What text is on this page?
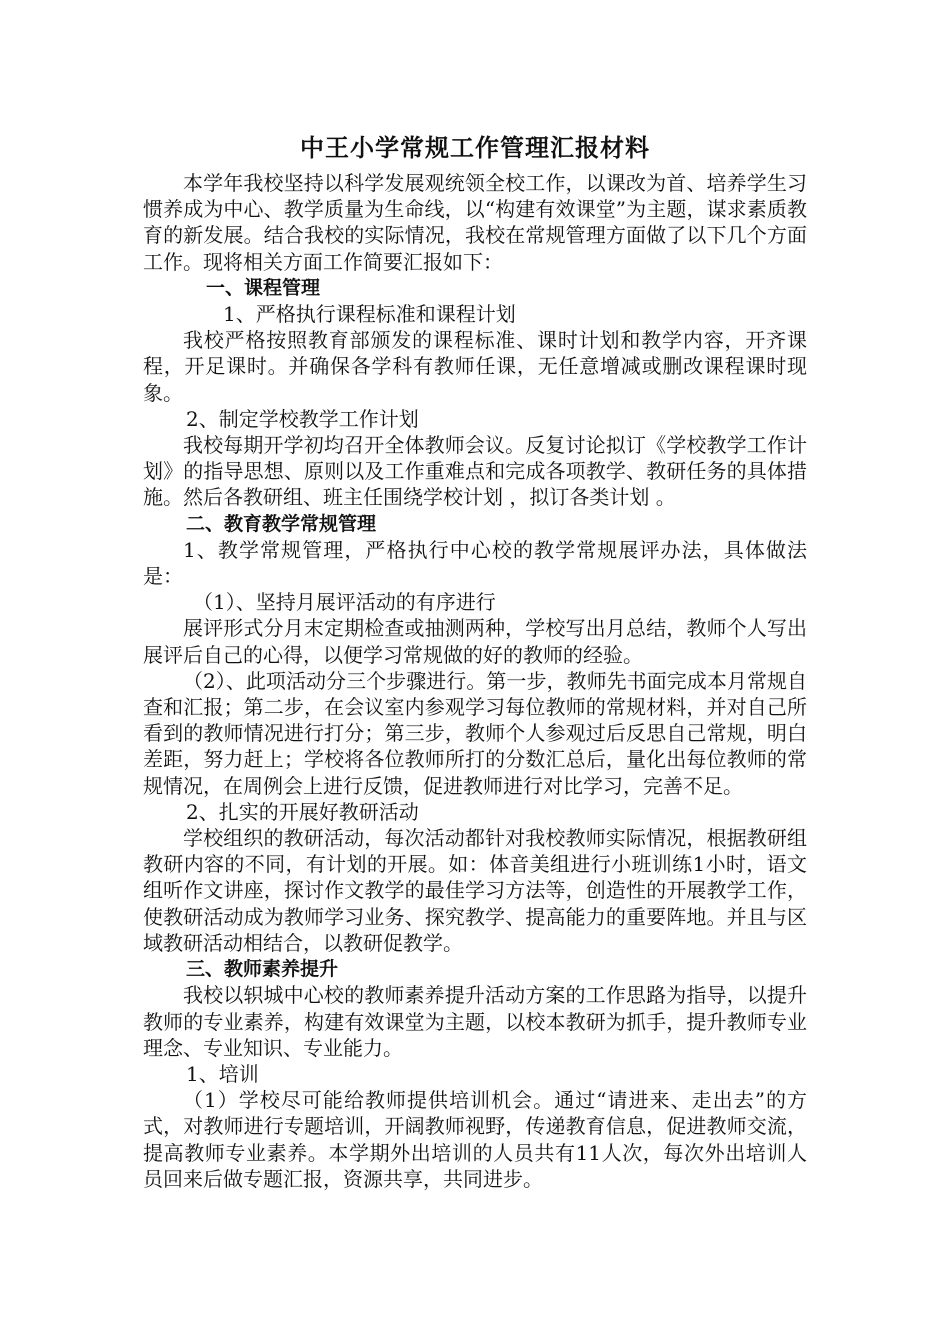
中王小学常规工作管理汇报材料

本学年我校坚持以科学发展观统领全校工作，以课改为首、培养学生习惯养成为中心、教学质量为生命线，以“构建有效课堂”为主题，谋求素质教育的新发展。结合我校的实际情况，我校在常规管理方面做了以下几个方面工作。现将相关方面工作简要汇报如下：

一、课程管理

1、严格执行课程标准和课程计划

我校严格按照教育部颁发的课程标准、课时计划和教学内容，开齐课程，开足课时。并确保各学科有教师任课，无任意增减或删改课程课时现象。

2、制定学校教学工作计划

我校每期开学初均召开全体教师会议。反复讨论拟订《学校教学工作计划》的指导思想、原则以及工作重难点和完成各项教学、教研任务的具体措施。然后各教研组、班主任围绕学校计划 ，拟订各类计划 。

二、教育教学常规管理

1、教学常规管理，严格执行中心校的教学常规展评办法，具体做法是：

（1）、坚持月展评活动的有序进行

展评形式分月末定期检查或抽测两种，学校写出月总结，教师个人写出展评后自己的心得，以便学习常规做的好的教师的经验。

（2）、此项活动分三个步骤进行。第一步，教师先书面完成本月常规自查和汇报；第二步，在会议室内参观学习每位教师的常规材料，并对自己所看到的教师情况进行打分；第三步，教师个人参观过后反思自己常规，明白差距，努力赶上；学校将各位教师所打的分数汇总后，量化出每位教师的常规情况，在周例会上进行反馈，促进教师进行对比学习，完善不足。

2、扎实的开展好教研活动

学校组织的教研活动，每次活动都针对我校教师实际情况，根据教研组教研内容的不同，有计划的开展。如：体音美组进行小班训练1小时，语文组听作文讲座，探讨作文教学的最佳学习方法等，创造性的开展教学工作，使教研活动成为教师学习业务、探究教学、提高能力的重要阵地。并且与区域教研活动相结合，以教研促教学。

三、教师素养提升

我校以轵城中心校的教师素养提升活动方案的工作思路为指导，以提升教师的专业素养，构建有效课堂为主题，以校本教研为抓手，提升教师专业理念、专业知识、专业能力。

1、培训

（1）学校尽可能给教师提供培训机会。通过“请进来、走出去”的方式，对教师进行专题培训，开阔教师视野，传递教育信息，促进教师交流，提高教师专业素养。本学期外出培训的人员共有11人次，每次外出培训人员回来后做专题汇报，资源共享，共同进步。
